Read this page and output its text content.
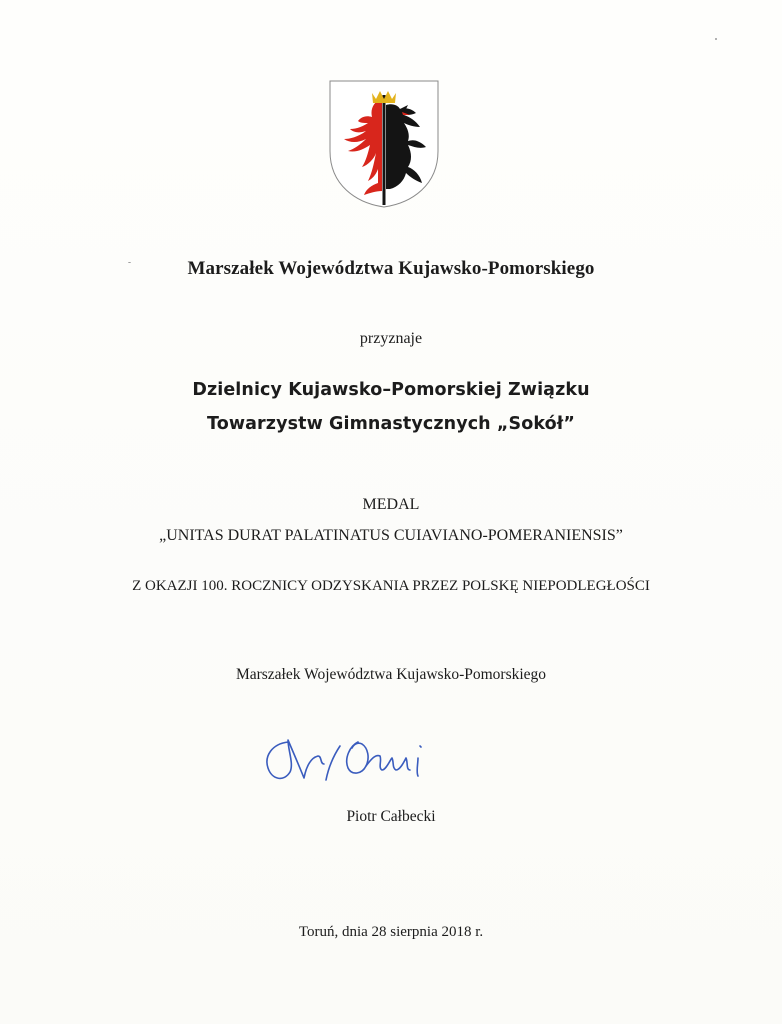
Marszałek Województwa Kujawsko-Pomorskiego
przyznaje
Dzielnicy Kujawsko–Pomorskiej Związku
Towarzystw Gimnastycznych „Sokół”
MEDAL
„UNITAS DURAT PALATINATUS CUIAVIANO-POMERANIENSIS”
Z OKAZJI 100. ROCZNICY ODZYSKANIA PRZEZ POLSKĘ NIEPODLEGŁOŚCI
Marszałek Województwa Kujawsko-Pomorskiego
Piotr Całbecki
Toruń, dnia 28 sierpnia 2018 r.
